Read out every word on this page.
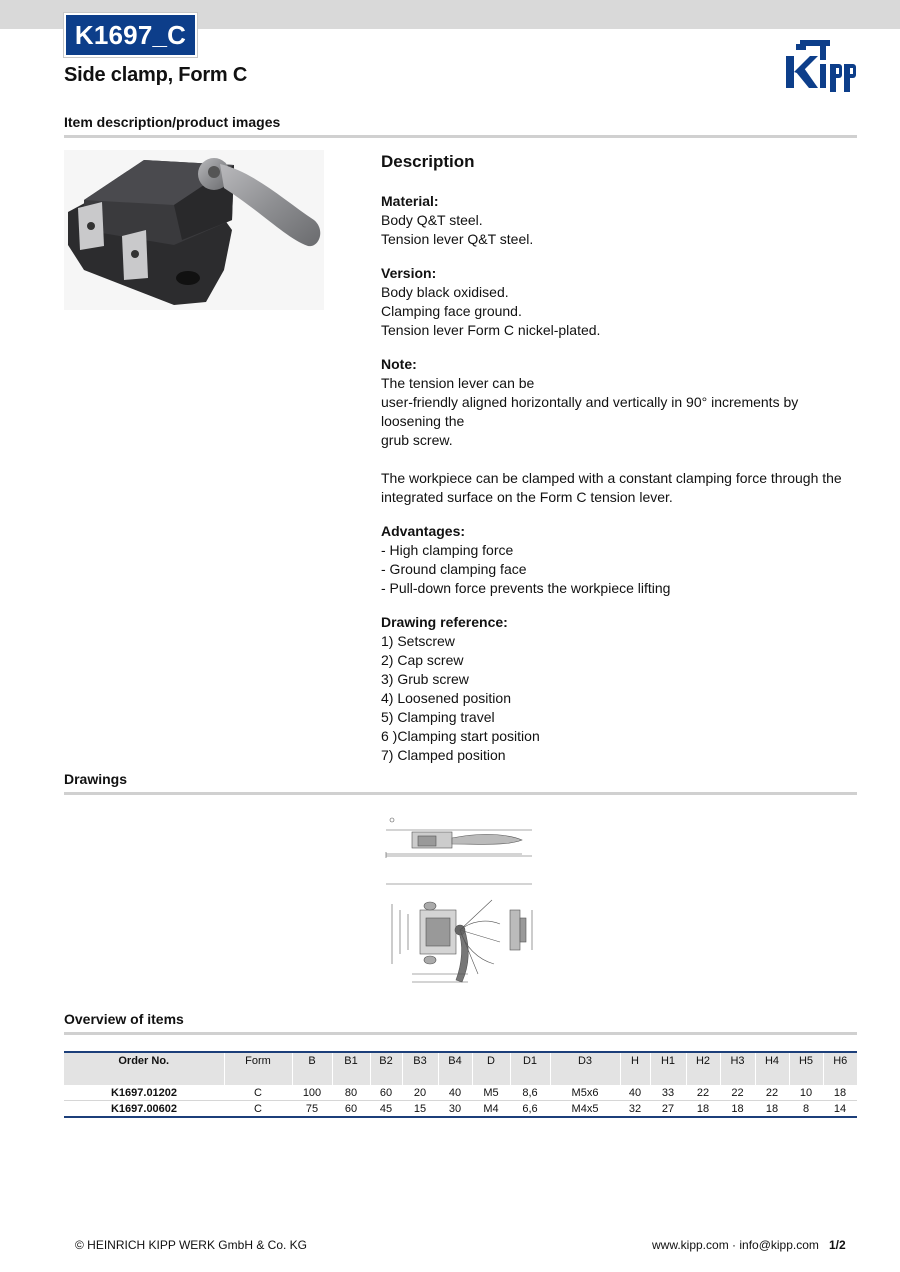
K1697_C
Side clamp, Form C
Item description/product images
Description
Material:
Body Q&T steel.
Tension lever Q&T steel.
Version:
Body black oxidised.
Clamping face ground.
Tension lever Form C nickel-plated.
Note:
The tension lever can be
user-friendly aligned horizontally and vertically in 90° increments by loosening the
grub screw.
The workpiece can be clamped with a constant clamping force through the
integrated surface on the Form C tension lever.
Advantages:
- High clamping force
- Ground clamping face
- Pull-down force prevents the workpiece lifting
Drawing reference:
1) Setscrew
2) Cap screw
3) Grub screw
4) Loosened position
5) Clamping travel
6 )Clamping start position
7) Clamped position
Drawings
Overview of items
Order No.	Form	B	B1	B2	B3	B4	D	D1	D3	H	H1	H2	H3	H4	H5	H6
K1697.01202	C	100	80	60	20	40	M5	8,6	M5x6	40	33	22	22	22	10	18
K1697.00602	C	75	60	45	15	30	M4	6,6	M4x5	32	27	18	18	18	8	14
© HEINRICH KIPP WERK GmbH & Co. KG	www.kipp.com · info@kipp.com 1/2
